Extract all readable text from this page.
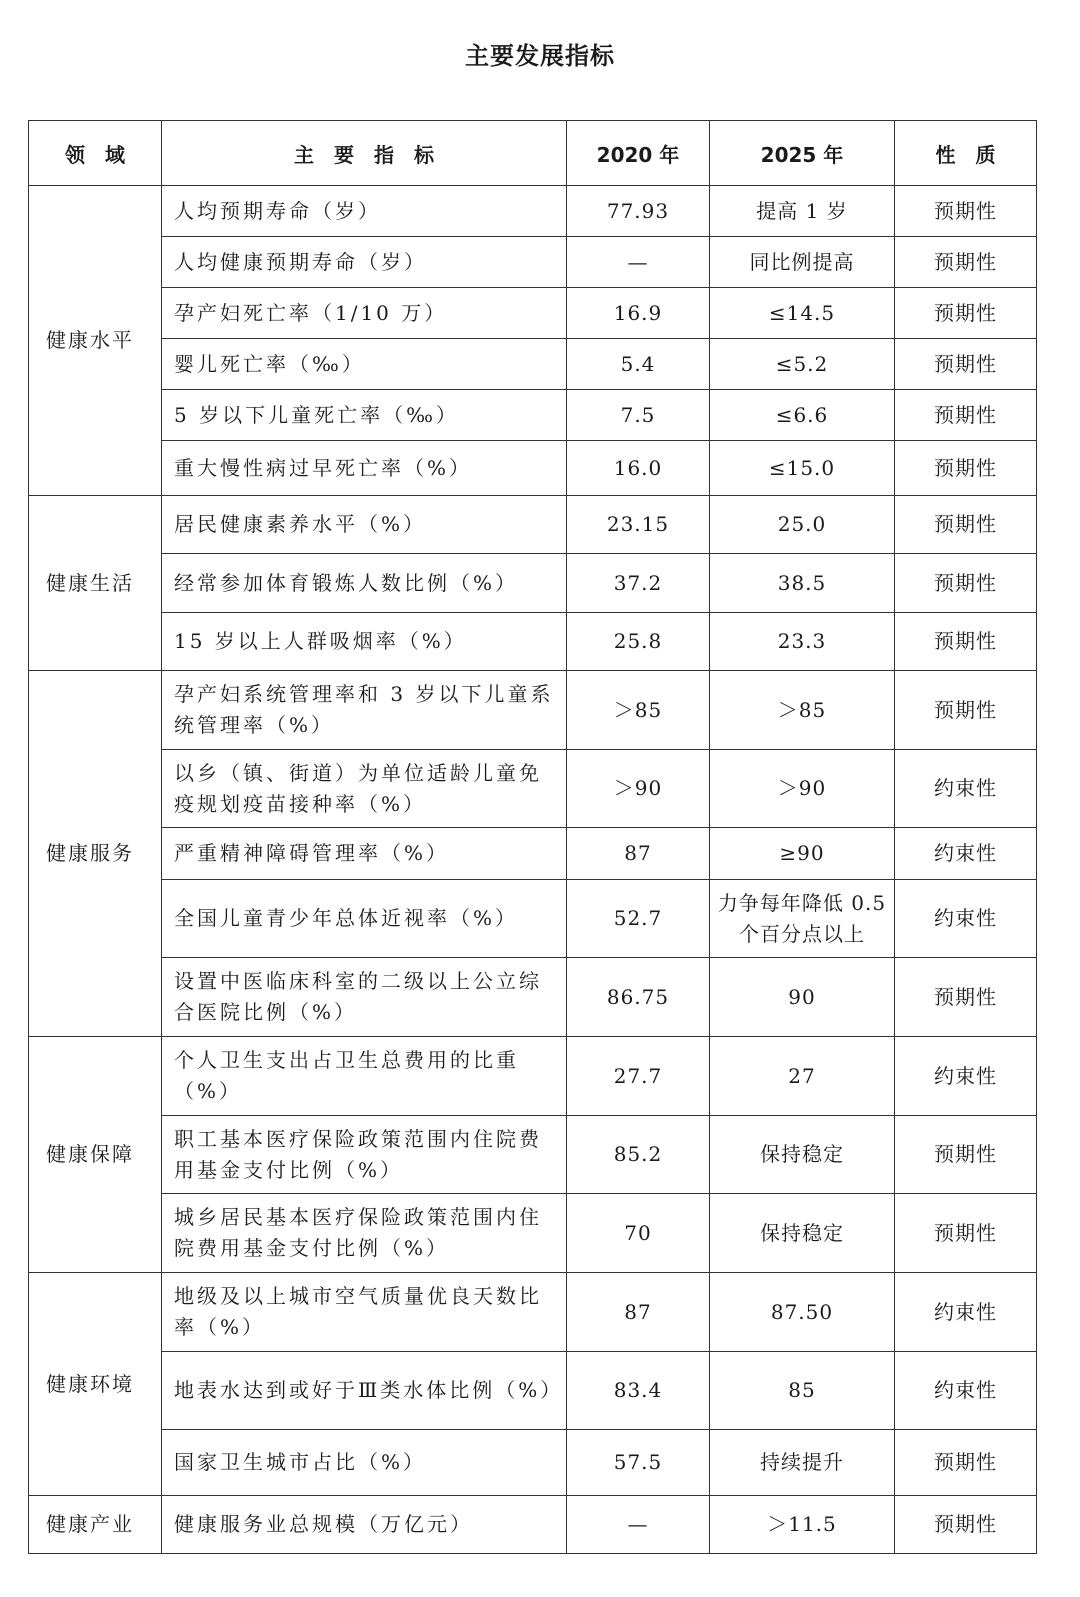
主要发展指标
领　域	主　要　指　标	2020 年	2025 年	性　质
健康水平	人均预期寿命（岁）	77.93	提高 1 岁	预期性
	人均健康预期寿命（岁）	—	同比例提高	预期性
	孕产妇死亡率（1/10 万）	16.9	≤14.5	预期性
	婴儿死亡率（‰）	5.4	≤5.2	预期性
	5 岁以下儿童死亡率（‰）	7.5	≤6.6	预期性
	重大慢性病过早死亡率（%）	16.0	≤15.0	预期性
健康生活	居民健康素养水平（%）	23.15	25.0	预期性
	经常参加体育锻炼人数比例（%）	37.2	38.5	预期性
	15 岁以上人群吸烟率（%）	25.8	23.3	预期性
健康服务	孕产妇系统管理率和 3 岁以下儿童系统管理率（%）	＞85	＞85	预期性
	以乡（镇、街道）为单位适龄儿童免疫规划疫苗接种率（%）	＞90	＞90	约束性
	严重精神障碍管理率（%）	87	≥90	约束性
	全国儿童青少年总体近视率（%）	52.7	力争每年降低 0.5 个百分点以上	约束性
	设置中医临床科室的二级以上公立综合医院比例（%）	86.75	90	预期性
健康保障	个人卫生支出占卫生总费用的比重（%）	27.7	27	约束性
	职工基本医疗保险政策范围内住院费用基金支付比例（%）	85.2	保持稳定	预期性
	城乡居民基本医疗保险政策范围内住院费用基金支付比例（%）	70	保持稳定	预期性
健康环境	地级及以上城市空气质量优良天数比率（%）	87	87.50	约束性
	地表水达到或好于Ⅲ类水体比例（%）	83.4	85	约束性
	国家卫生城市占比（%）	57.5	持续提升	预期性
健康产业	健康服务业总规模（万亿元）	—	＞11.5	预期性
